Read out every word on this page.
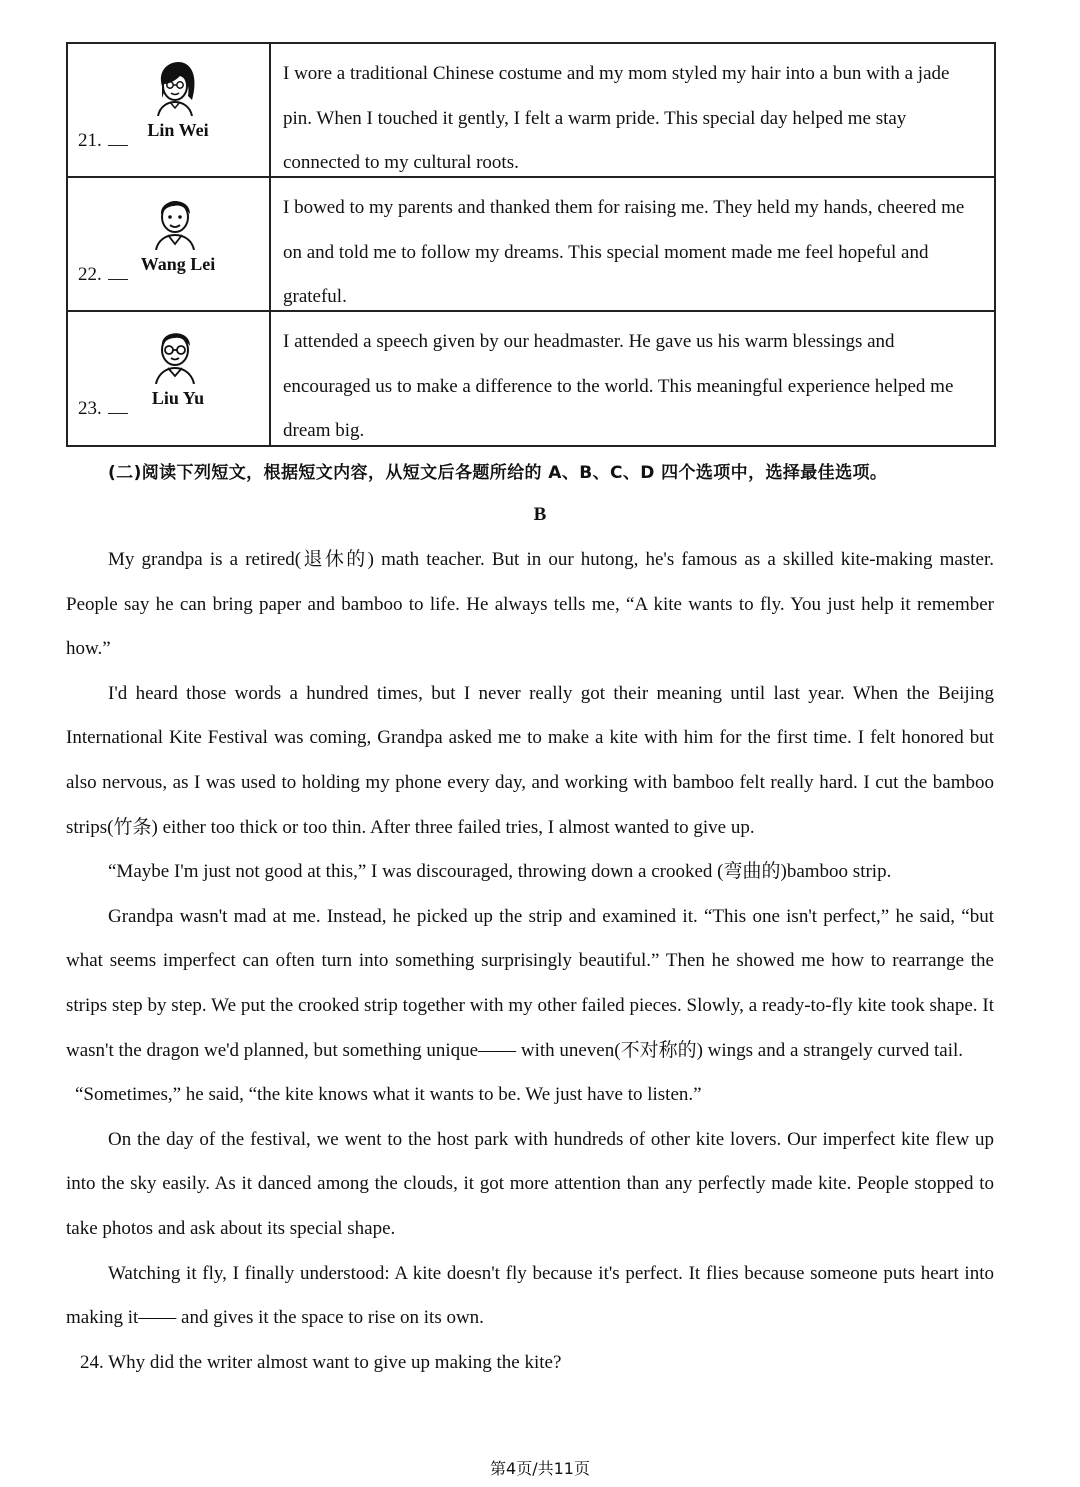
Lin Wei
21.
I wore a traditional Chinese costume and my mom styled my hair into a bun with a jade pin. When I touched it gently, I felt a warm pride. This special day helped me stay connected to my cultural roots.
Wang Lei
22.
I bowed to my parents and thanked them for raising me. They held my hands, cheered me on and told me to follow my dreams. This special moment made me feel hopeful and grateful.
Liu Yu
23.
I attended a speech given by our headmaster. He gave us his warm blessings and encouraged us to make a difference to the world. This meaningful experience helped me dream big.
(二)阅读下列短文，根据短文内容，从短文后各题所给的 A、B、C、D 四个选项中，选择最佳选项。
B

My grandpa is a retired(退休的) math teacher. But in our hutong, he's famous as a skilled kite-making master. People say he can bring paper and bamboo to life. He always tells me, “A kite wants to fly. You just help it remember how.”

I'd heard those words a hundred times, but I never really got their meaning until last year. When the Beijing International Kite Festival was coming, Grandpa asked me to make a kite with him for the first time. I felt honored but also nervous, as I was used to holding my phone every day, and working with bamboo felt really hard. I cut the bamboo strips(竹条) either too thick or too thin. After three failed tries, I almost wanted to give up.

“Maybe I'm just not good at this,” I was discouraged, throwing down a crooked (弯曲的)bamboo strip.

Grandpa wasn't mad at me. Instead, he picked up the strip and examined it. “This one isn't perfect,” he said, “but what seems imperfect can often turn into something surprisingly beautiful.” Then he showed me how to rearrange the strips step by step. We put the crooked strip together with my other failed pieces. Slowly, a ready-to-fly kite took shape. It wasn't the dragon we'd planned, but something unique—— with uneven(不对称的) wings and a strangely curved tail.

“Sometimes,” he said, “the kite knows what it wants to be. We just have to listen.”

On the day of the festival, we went to the host park with hundreds of other kite lovers. Our imperfect kite flew up into the sky easily. As it danced among the clouds, it got more attention than any perfectly made kite. People stopped to take photos and ask about its special shape.

Watching it fly, I finally understood: A kite doesn't fly because it's perfect. It flies because someone puts heart into making it—— and gives it the space to rise on its own.

24. Why did the writer almost want to give up making the kite?

第4页/共11页
